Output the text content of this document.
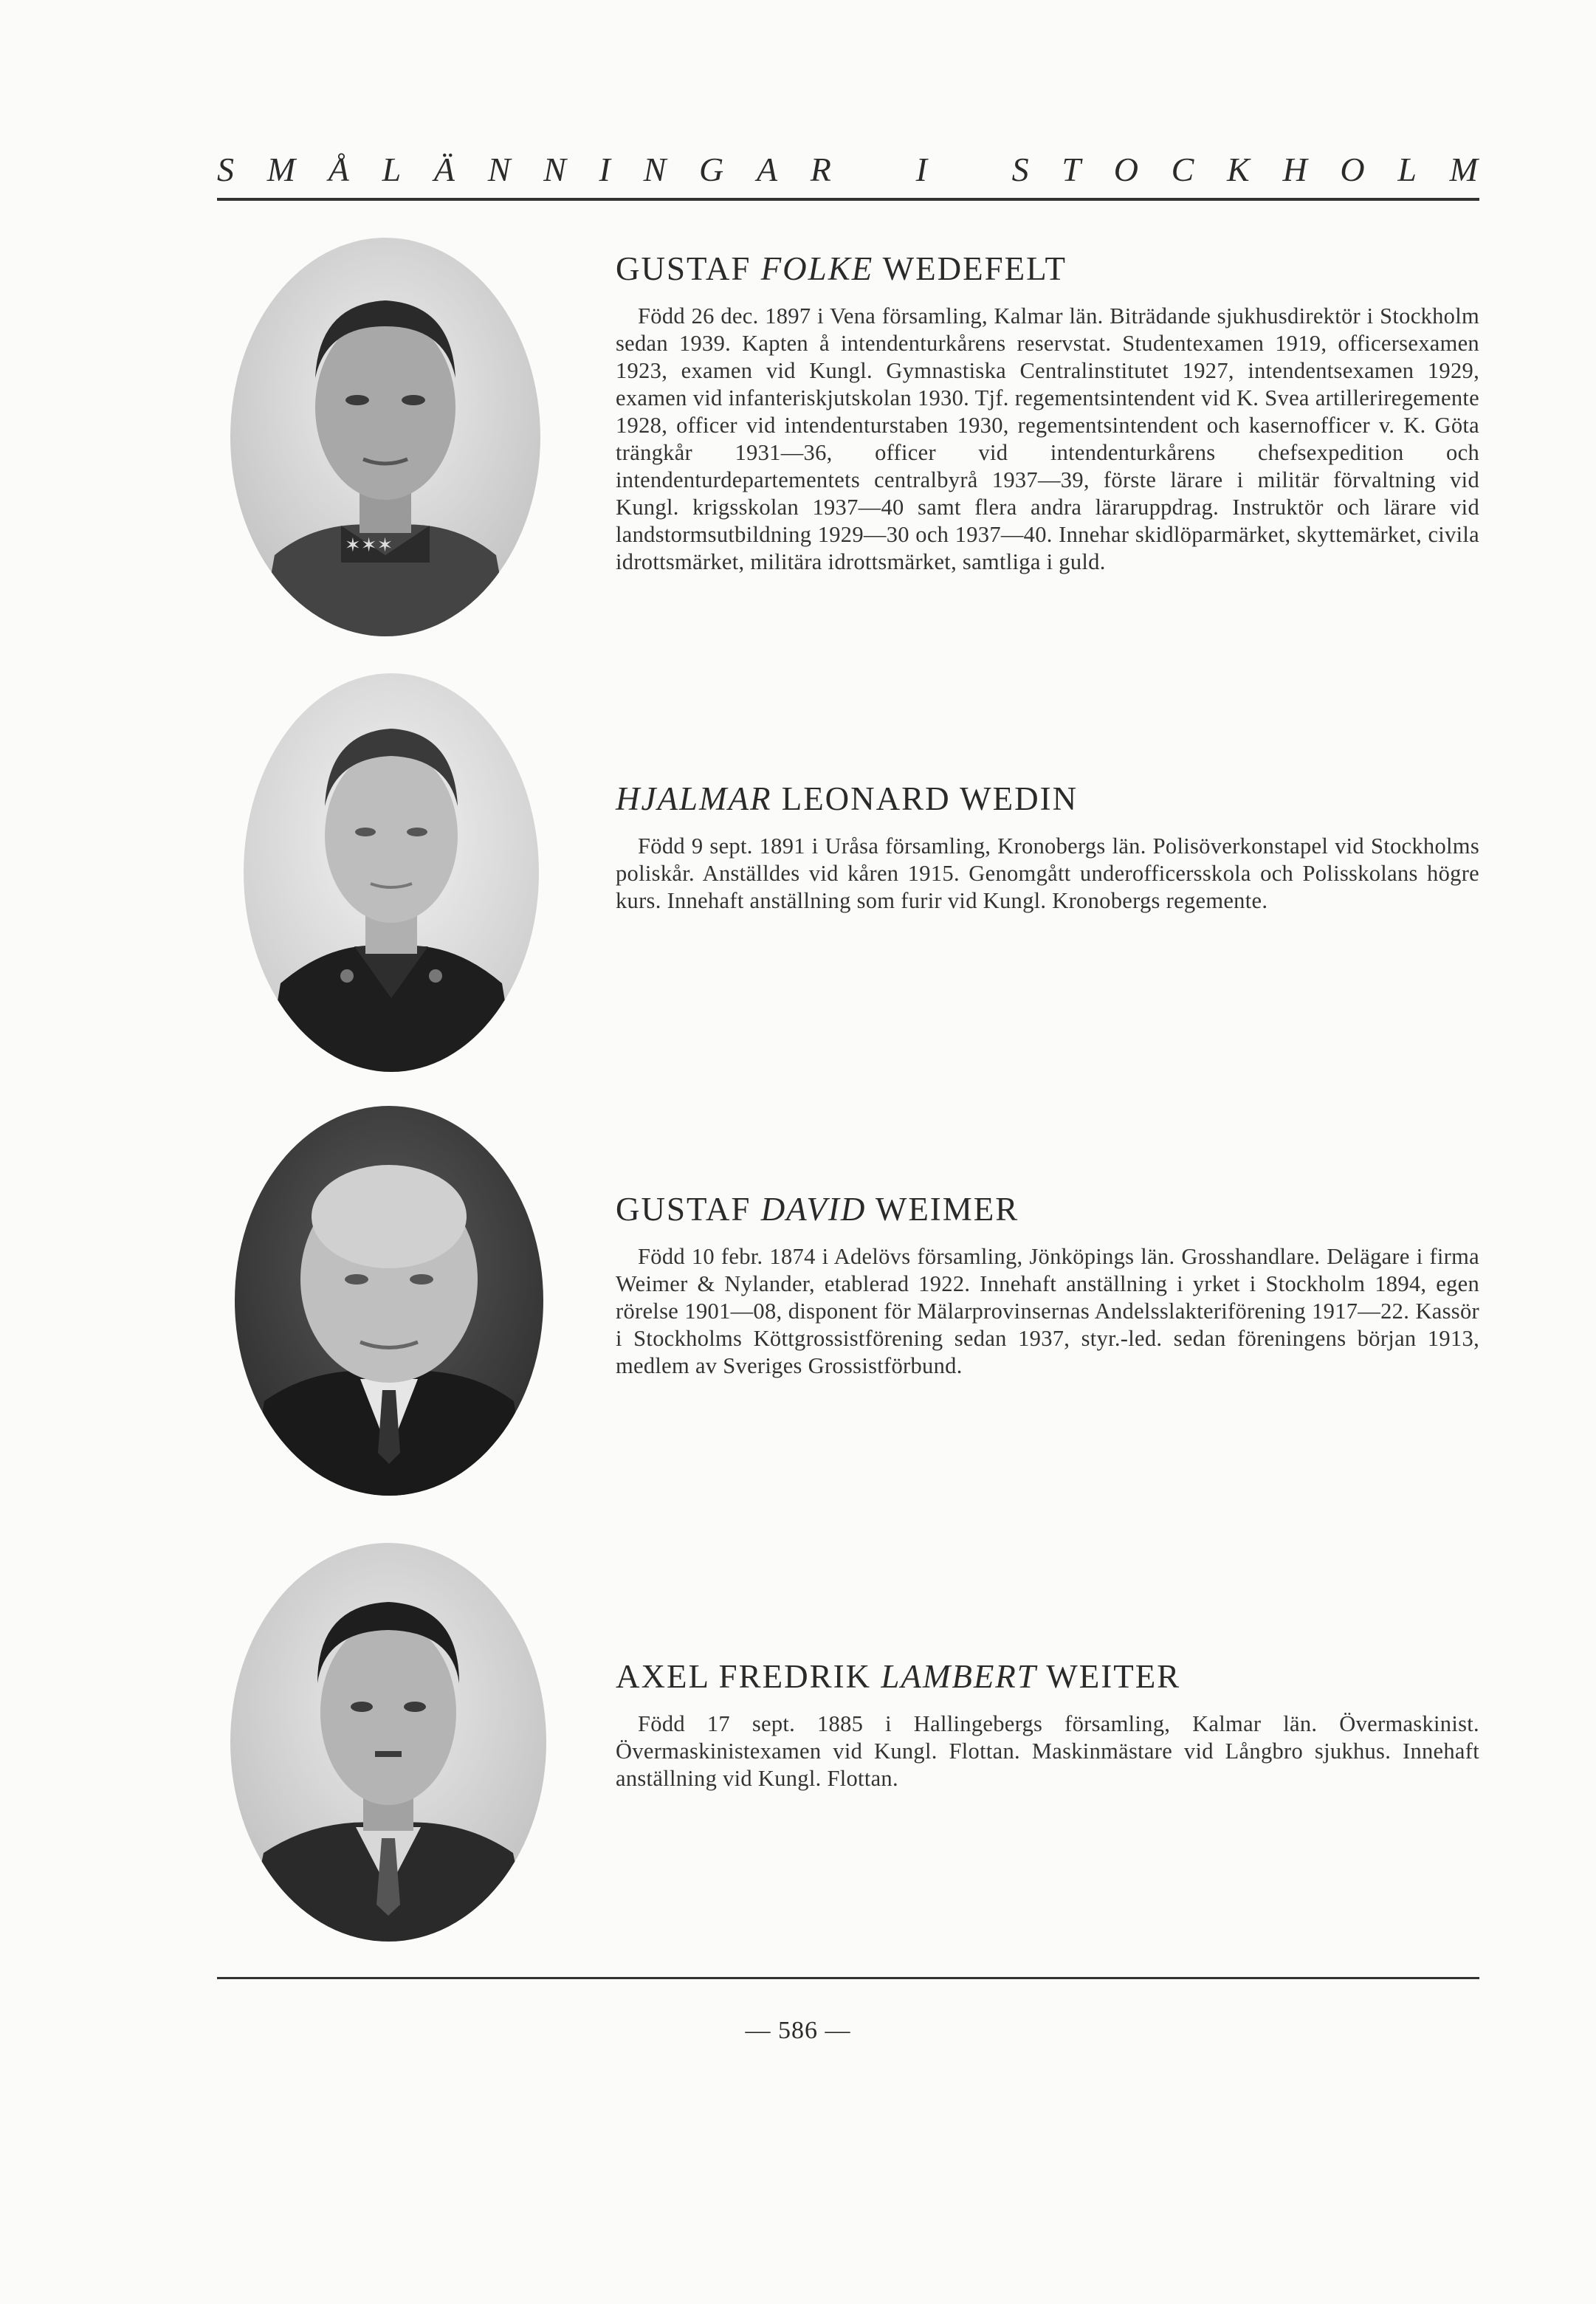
S M Å L Ä N N I N G A R I S T O C K H O L M
✶✶✶
GUSTAF FOLKE WEDEFELT
Född 26 dec. 1897 i Vena församling, Kalmar län. Biträdande sjukhusdirektör i Stockholm sedan 1939. Kapten å intendenturkårens reservstat. Studentexamen 1919, officersexamen 1923, examen vid Kungl. Gymnastiska Centralinstitutet 1927, intendentsexamen 1929, examen vid infanteriskjutskolan 1930. Tjf. regementsintendent vid K. Svea artilleriregemente 1928, officer vid intendenturstaben 1930, regementsintendent och kasernofficer v. K. Göta trängkår 1931—36, officer vid intendenturkårens chefsexpedition och intendenturdepartementets centralbyrå 1937—39, förste lärare i militär förvaltning vid Kungl. krigsskolan 1937—40 samt flera andra läraruppdrag. Instruktör och lärare vid landstormsutbildning 1929—30 och 1937—40. Innehar skidlöparmärket, skyttemärket, civila idrottsmärket, militära idrottsmärket, samtliga i guld.
HJALMAR LEONARD WEDIN
Född 9 sept. 1891 i Uråsa församling, Kronobergs län. Polisöverkonstapel vid Stockholms poliskår. Anställdes vid kåren 1915. Genomgått underofficersskola och Polisskolans högre kurs. Innehaft anställning som furir vid Kungl. Kronobergs regemente.
GUSTAF DAVID WEIMER
Född 10 febr. 1874 i Adelövs församling, Jönköpings län. Grosshandlare. Delägare i firma Weimer & Nylander, etablerad 1922. Innehaft anställning i yrket i Stockholm 1894, egen rörelse 1901—08, disponent för Mälarprovinsernas Andelsslakteriförening 1917—22. Kassör i Stockholms Köttgrossistförening sedan 1937, styr.-led. sedan föreningens början 1913, medlem av Sveriges Grossistförbund.
AXEL FREDRIK LAMBERT WEITER
Född 17 sept. 1885 i Hallingebergs församling, Kalmar län. Övermaskinist. Övermaskinistexamen vid Kungl. Flottan. Maskinmästare vid Långbro sjukhus. Innehaft anställning vid Kungl. Flottan.
— 586 —
